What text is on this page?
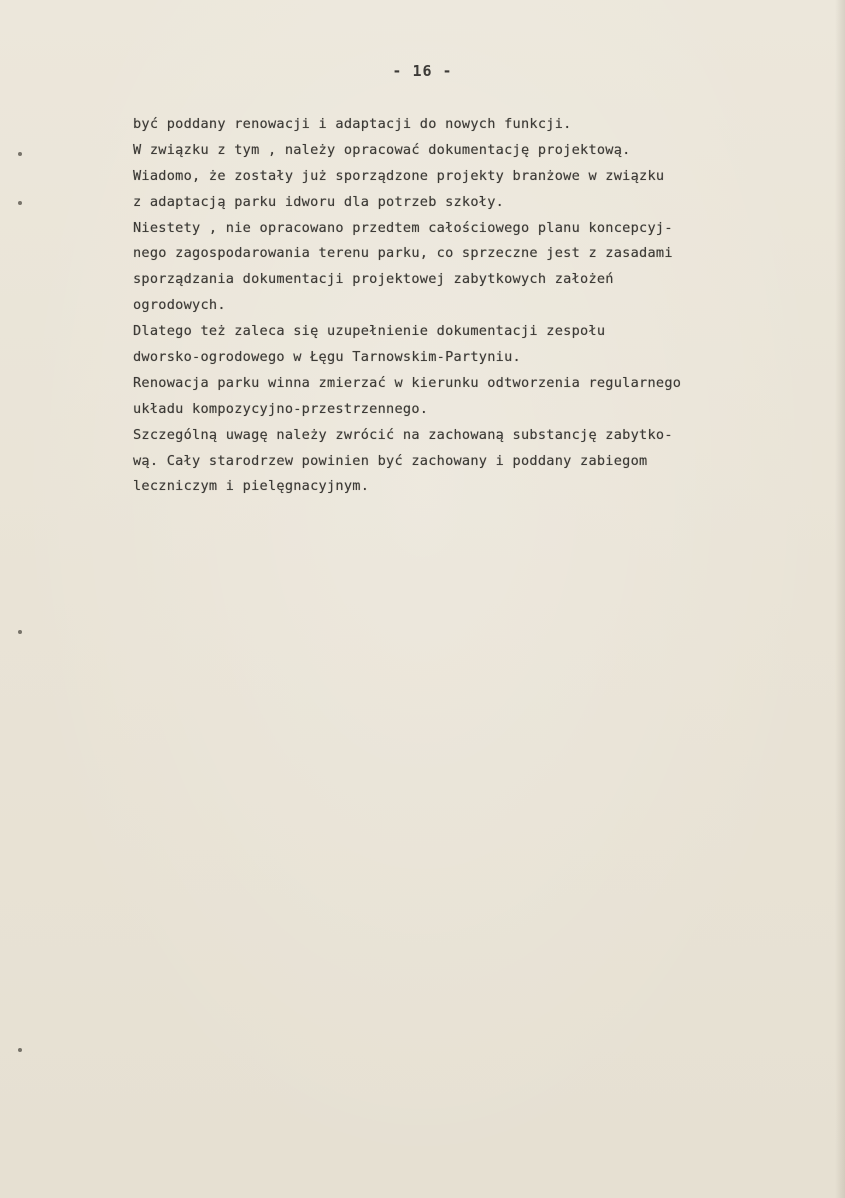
- 16 -
być poddany renowacji i adaptacji do nowych funkcji.
W związku z tym , należy opracować dokumentację projektową.
Wiadomo, że zostały już sporządzone projekty branżowe w związku
z adaptacją parku idworu dla potrzeb szkoły.
Niestety , nie opracowano przedtem całościowego planu koncepcyj-
nego zagospodarowania terenu parku, co sprzeczne jest z zasadami
sporządzania dokumentacji projektowej zabytkowych założeń
ogrodowych.
Dlatego też zaleca się uzupełnienie dokumentacji zespołu
dworsko-ogrodowego w Łęgu Tarnowskim-Partyniu.
Renowacja parku winna zmierzać w kierunku odtworzenia regularnego
układu kompozycyjno-przestrzennego.
Szczególną uwagę należy zwrócić na zachowaną substancję zabytko-
wą. Cały starodrzew powinien być zachowany i poddany zabiegom
leczniczym i pielęgnacyjnym.
